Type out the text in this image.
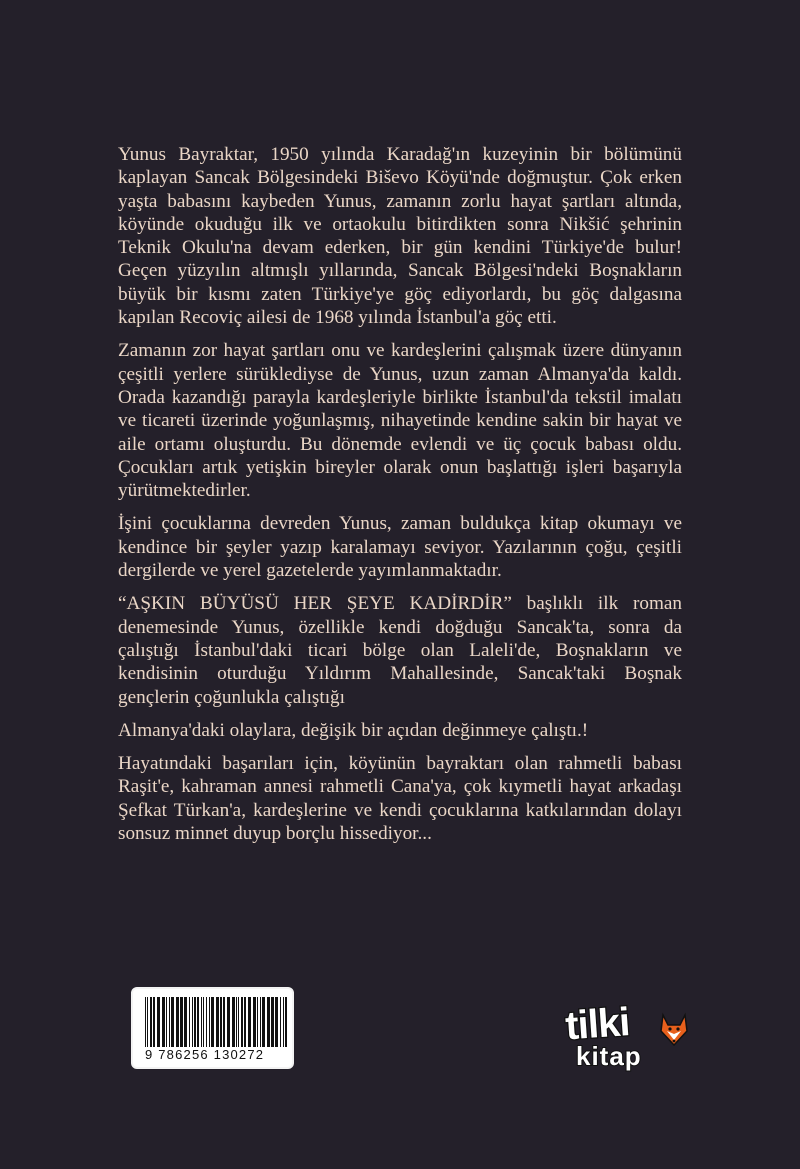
Yunus Bayraktar, 1950 yılında Karadağ'ın kuzeyinin bir bölümünü kaplayan Sancak Bölgesindeki Biševo Köyü'nde doğmuştur. Çok erken yaşta babasını kaybeden Yunus, zamanın zorlu hayat şartları altında, köyünde okuduğu ilk ve ortaokulu bitirdikten sonra Nikšić şehrinin Teknik Okulu'na devam ederken, bir gün kendini Türkiye'de bulur! Geçen yüzyılın altmışlı yıllarında, Sancak Bölgesi'ndeki Boşnakların büyük bir kısmı zaten Türkiye'ye göç ediyorlardı, bu göç dalgasına kapılan Recoviç ailesi de 1968 yılında İstanbul'a göç etti.

Zamanın zor hayat şartları onu ve kardeşlerini çalışmak üzere dünyanın çeşitli yerlere sürüklediyse de Yunus, uzun zaman Almanya'da kaldı. Orada kazandığı parayla kardeşleriyle birlikte İstanbul'da tekstil imalatı ve ticareti üzerinde yoğunlaşmış, nihayetinde kendine sakin bir hayat ve aile ortamı oluşturdu. Bu dönemde evlendi ve üç çocuk babası oldu. Çocukları artık yetişkin bireyler olarak onun başlattığı işleri başarıyla yürütmektedirler.

İşini çocuklarına devreden Yunus, zaman buldukça kitap okumayı ve kendince bir şeyler yazıp karalamayı seviyor. Yazılarının çoğu, çeşitli dergilerde ve yerel gazetelerde yayımlanmaktadır.

“AŞKIN BÜYÜSÜ HER ŞEYE KADİRDİR” başlıklı ilk roman denemesinde Yunus, özellikle kendi doğduğu Sancak'ta, sonra da çalıştığı İstanbul'daki ticari bölge olan Laleli'de, Boşnakların ve kendisinin oturduğu Yıldırım Mahallesinde, Sancak'taki Boşnak gençlerin çoğunlukla çalıştığı

Almanya'daki olaylara, değişik bir açıdan değinmeye çalıştı.!

Hayatındaki başarıları için, köyünün bayraktarı olan rahmetli babası Raşit'e, kahraman annesi rahmetli Cana'ya, çok kıymetli hayat arkadaşı Şefkat Türkan'a, kardeşlerine ve kendi çocuklarına katkılarından dolayı sonsuz minnet duyup borçlu hissediyor...

9 786256 130272
tilki
kitap
